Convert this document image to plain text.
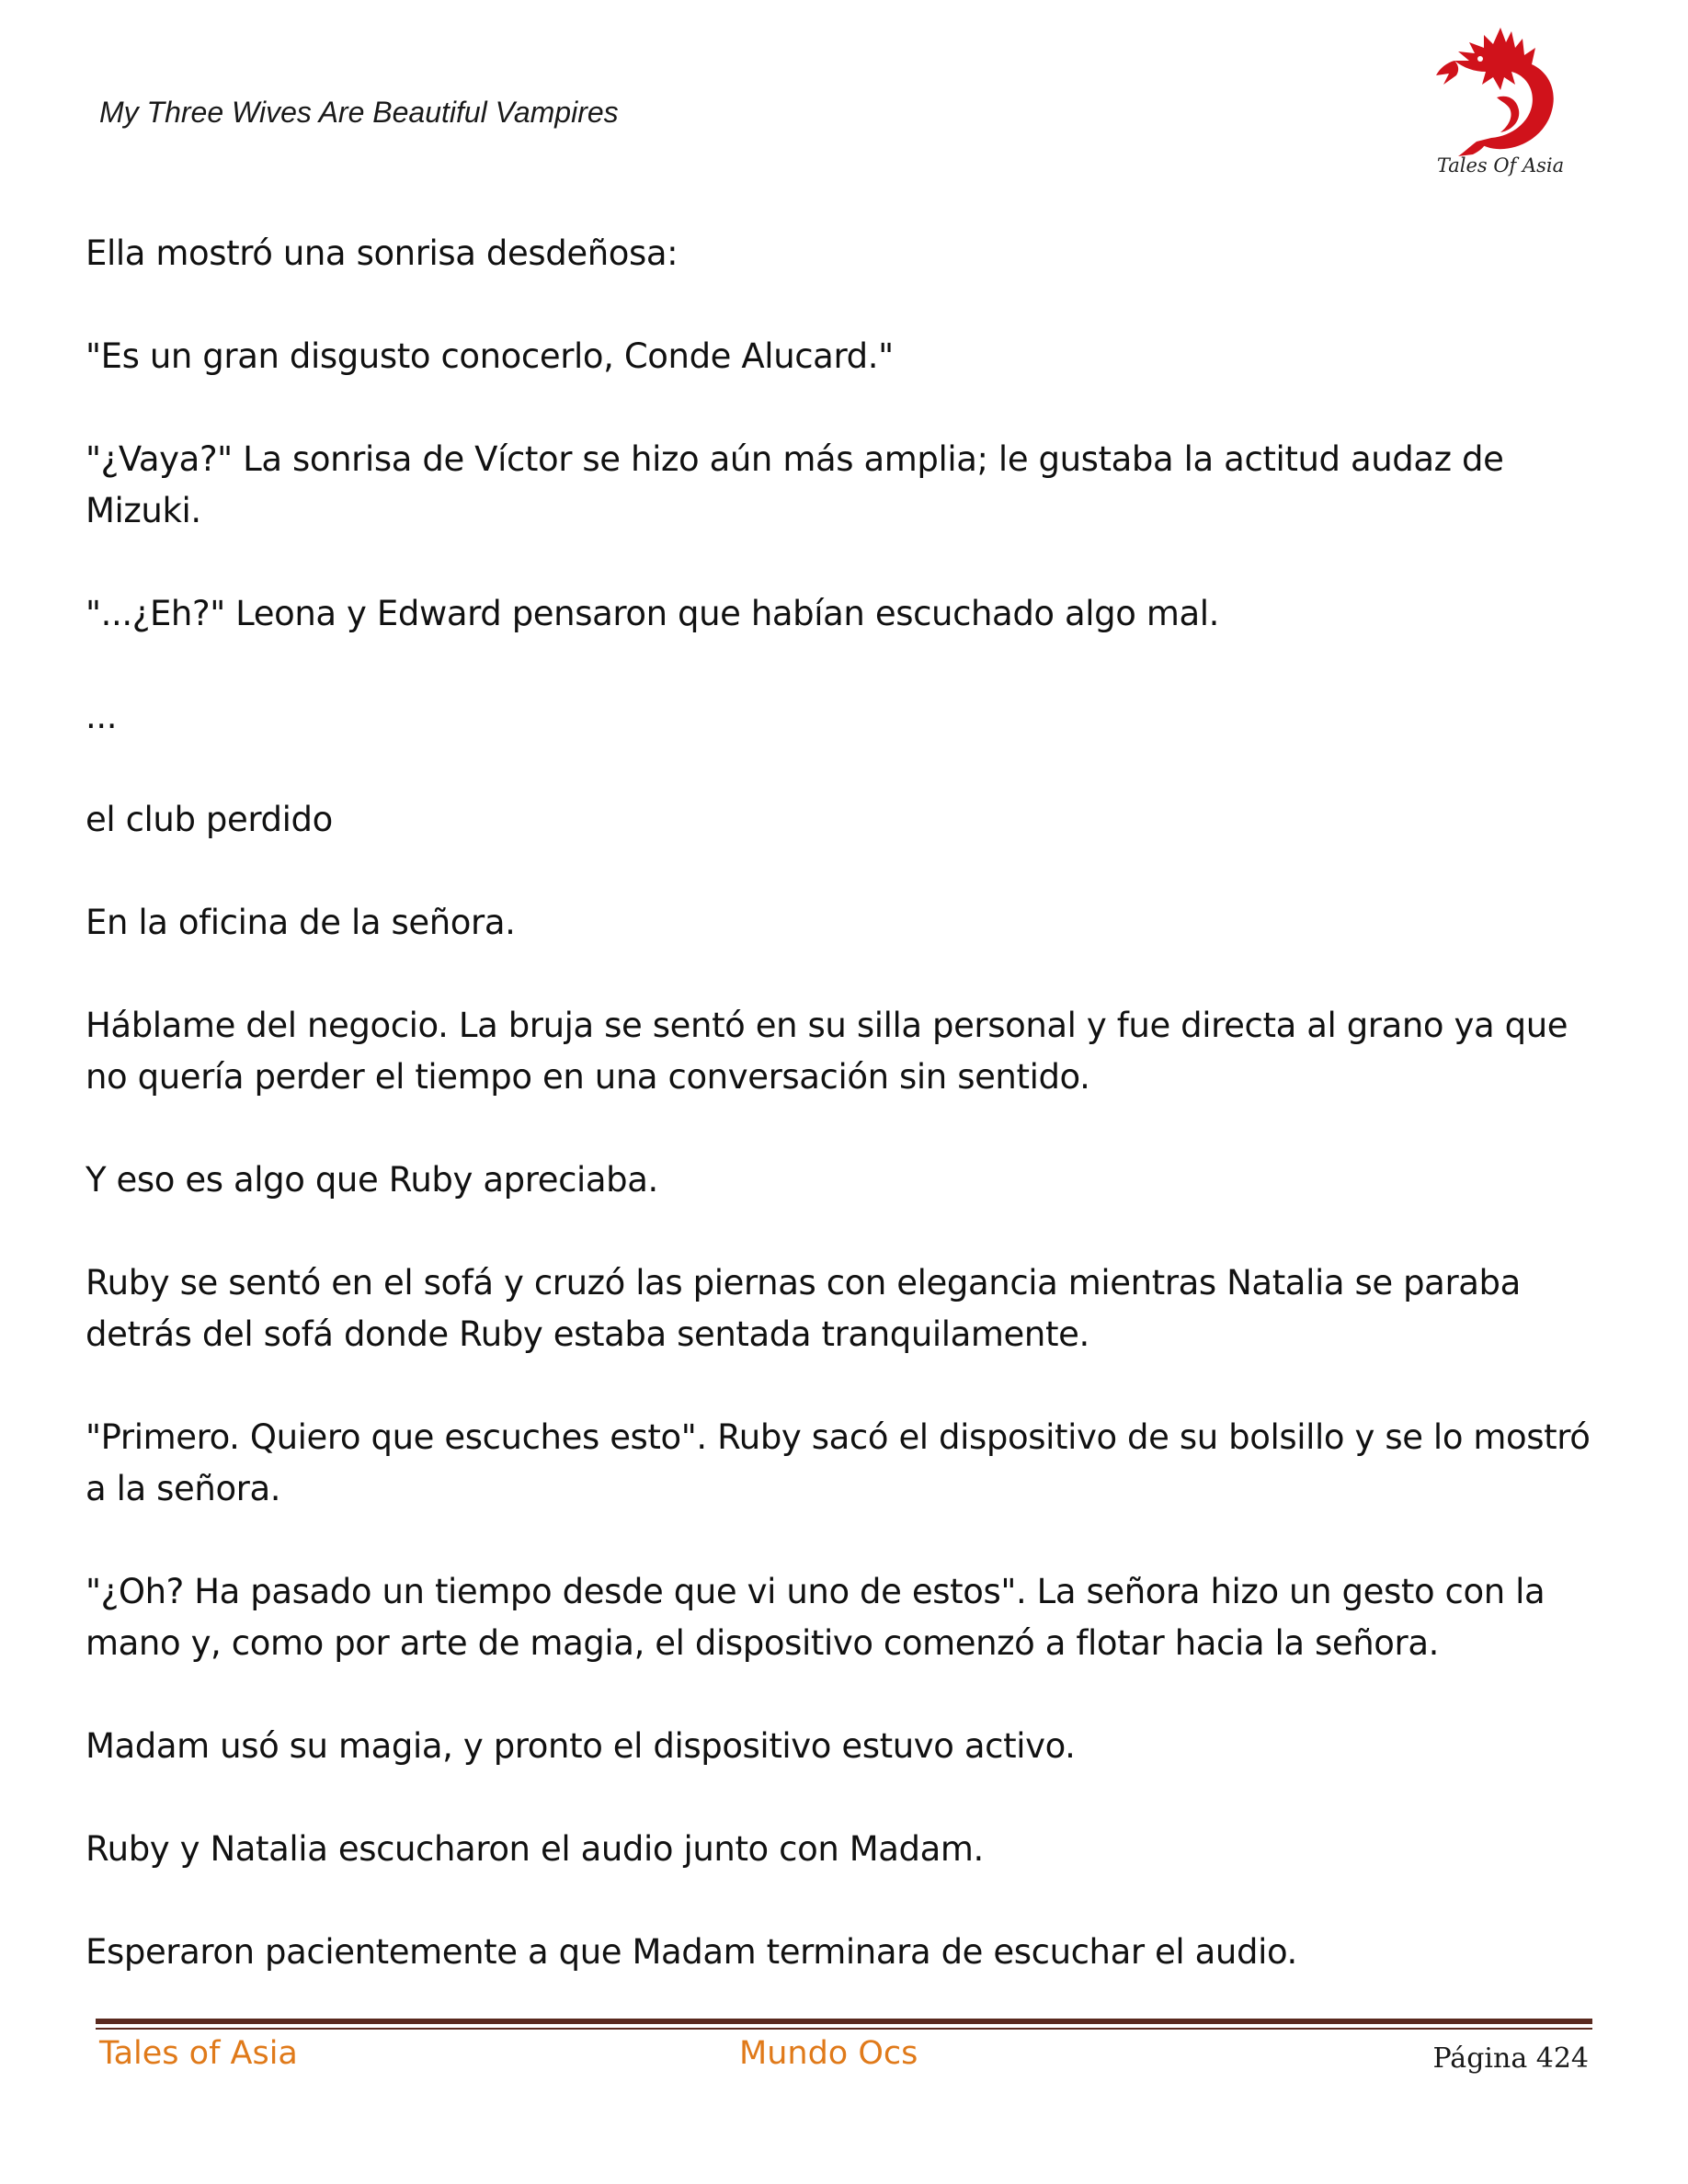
My Three Wives Are Beautiful Vampires
Tales Of Asia

Ella mostró una sonrisa desdeñosa:

"Es un gran disgusto conocerlo, Conde Alucard."

"¿Vaya?" La sonrisa de Víctor se hizo aún más amplia; le gustaba la actitud audaz de Mizuki.

"...¿Eh?" Leona y Edward pensaron que habían escuchado algo mal.

...

el club perdido

En la oficina de la señora.

Háblame del negocio. La bruja se sentó en su silla personal y fue directa al grano ya que no quería perder el tiempo en una conversación sin sentido.

Y eso es algo que Ruby apreciaba.

Ruby se sentó en el sofá y cruzó las piernas con elegancia mientras Natalia se paraba detrás del sofá donde Ruby estaba sentada tranquilamente.

"Primero. Quiero que escuches esto". Ruby sacó el dispositivo de su bolsillo y se lo mostró a la señora.

"¿Oh? Ha pasado un tiempo desde que vi uno de estos". La señora hizo un gesto con la mano y, como por arte de magia, el dispositivo comenzó a flotar hacia la señora.

Madam usó su magia, y pronto el dispositivo estuvo activo.

Ruby y Natalia escucharon el audio junto con Madam.

Esperaron pacientemente a que Madam terminara de escuchar el audio.

Tales of Asia	Mundo Ocs	Página 424
